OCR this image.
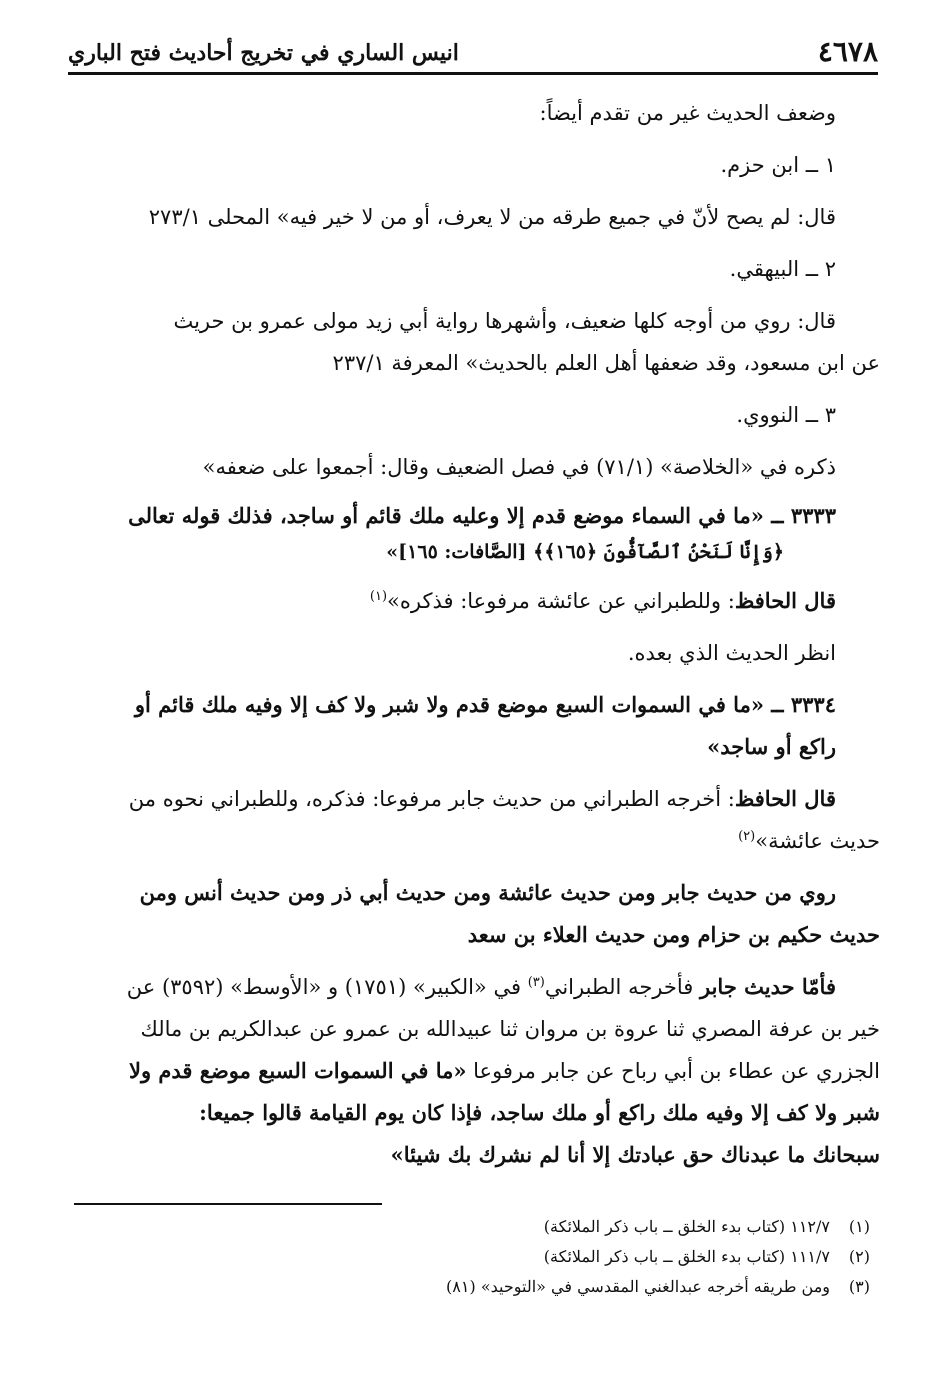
٤٦٧٨
انيس الساري في تخريج أحاديث فتح الباري

وضعف الحديث غير من تقدم أيضاً:

١ ــ ابن حزم.

قال: لم يصح لأنّ في جميع طرقه من لا يعرف، أو من لا خير فيه» المحلى ٢٧٣/١

٢ ــ البيهقي.

قال: روي من أوجه كلها ضعيف، وأشهرها رواية أبي زيد مولى عمرو بن حريث
عن ابن مسعود، وقد ضعفها أهل العلم بالحديث» المعرفة ٢٣٧/١

٣ ــ النووي.

ذكره في «الخلاصة» (٧١/١) في فصل الضعيف وقال: أجمعوا على ضعفه»

٣٣٣٣ ــ «ما في السماء موضع قدم إلا وعليه ملك قائم أو ساجد، فذلك قوله تعالى
﴿وَإِنَّا لَنَحْنُ ٱلصَّآفُّونَ ﴿١٦٥﴾﴾ [الصَّافات: ١٦٥]»

قال الحافظ: وللطبراني عن عائشة مرفوعا: فذكره»$^{(١)}$

انظر الحديث الذي بعده.

٣٣٣٤ ــ «ما في السموات السبع موضع قدم ولا شبر ولا كف إلا وفيه ملك قائم أو
راكع أو ساجد»

قال الحافظ: أخرجه الطبراني من حديث جابر مرفوعا: فذكره، وللطبراني نحوه من
حديث عائشة»$^{(٢)}$

روي من حديث جابر ومن حديث عائشة ومن حديث أبي ذر ومن حديث أنس ومن
حديث حكيم بن حزام ومن حديث العلاء بن سعد

فأمّا حديث جابر فأخرجه الطبراني$^{(٣)}$ في «الكبير» (١٧٥١) و «الأوسط» (٣٥٩٢) عن
خير بن عرفة المصري ثنا عروة بن مروان ثنا عبيدالله بن عمرو عن عبدالكريم بن مالك
الجزري عن عطاء بن أبي رباح عن جابر مرفوعا «ما في السموات السبع موضع قدم ولا
شبر ولا كف إلا وفيه ملك راكع أو ملك ساجد، فإذا كان يوم القيامة قالوا جميعا:
سبحانك ما عبدناك حق عبادتك إلا أنا لم نشرك بك شيئا»

(١)١١٢/٧ (كتاب بدء الخلق ــ باب ذكر الملائكة)
(٢)١١١/٧ (كتاب بدء الخلق ــ باب ذكر الملائكة)
(٣)ومن طريقه أخرجه عبدالغني المقدسي في «التوحيد» (٨١)
